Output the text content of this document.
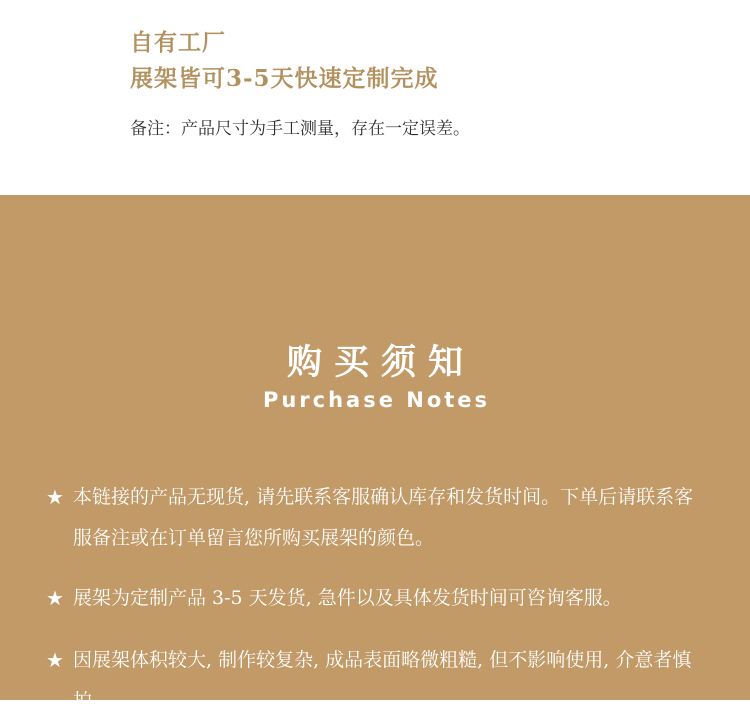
自有工厂
展架皆可3-5天快速定制完成
备注：产品尺寸为手工测量，存在一定误差。
购买须知
Purchase Notes
★ 本链接的产品无现货, 请先联系客服确认库存和发货时间。下单后请联系客服备注或在订单留言您所购买展架的颜色。
★ 展架为定制产品 3-5 天发货, 急件以及具体发货时间可咨询客服。
★ 因展架体积较大, 制作较复杂, 成品表面略微粗糙, 但不影响使用, 介意者慎拍。
